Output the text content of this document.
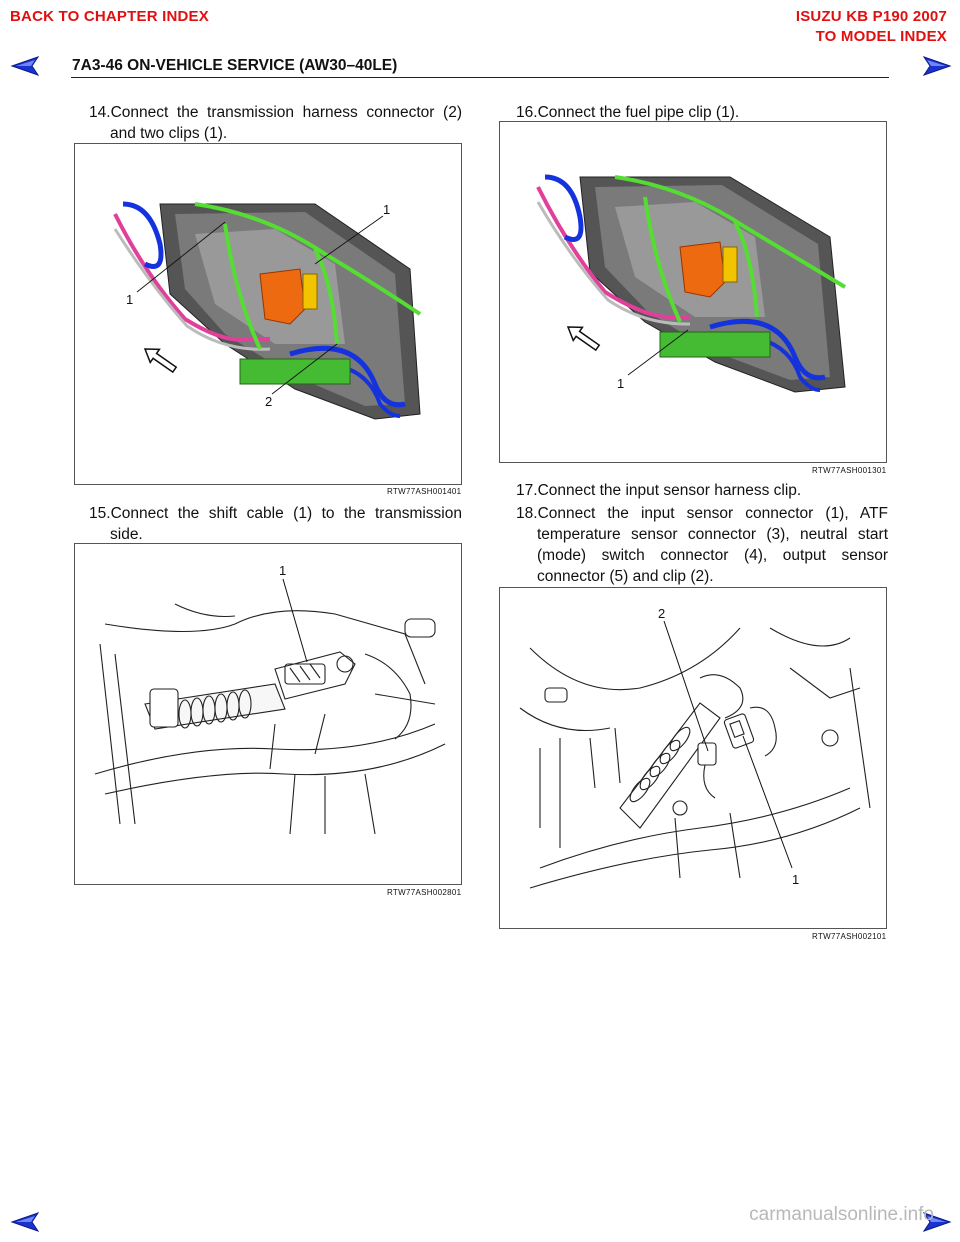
BACK TO CHAPTER INDEX	ISUZU KB P190 2007
TO MODEL INDEX
7A3-46 ON-VEHICLE SERVICE (AW30–40LE)
14. Connect the transmission harness connector (2)
and two clips (1).
1
1
2
RTW77ASH001401
15. Connect the shift cable (1) to the transmission
side.
1
RTW77ASH002801
16.Connect the fuel pipe clip (1).
1
RTW77ASH001301
17.Connect the input sensor harness clip.
18. Connect the input sensor connector (1), ATF
temperature sensor connector (3), neutral start
(mode) switch connector (4), output sensor
connector (5) and clip (2).
2
1
RTW77ASH002101
carmanualsonline.info
